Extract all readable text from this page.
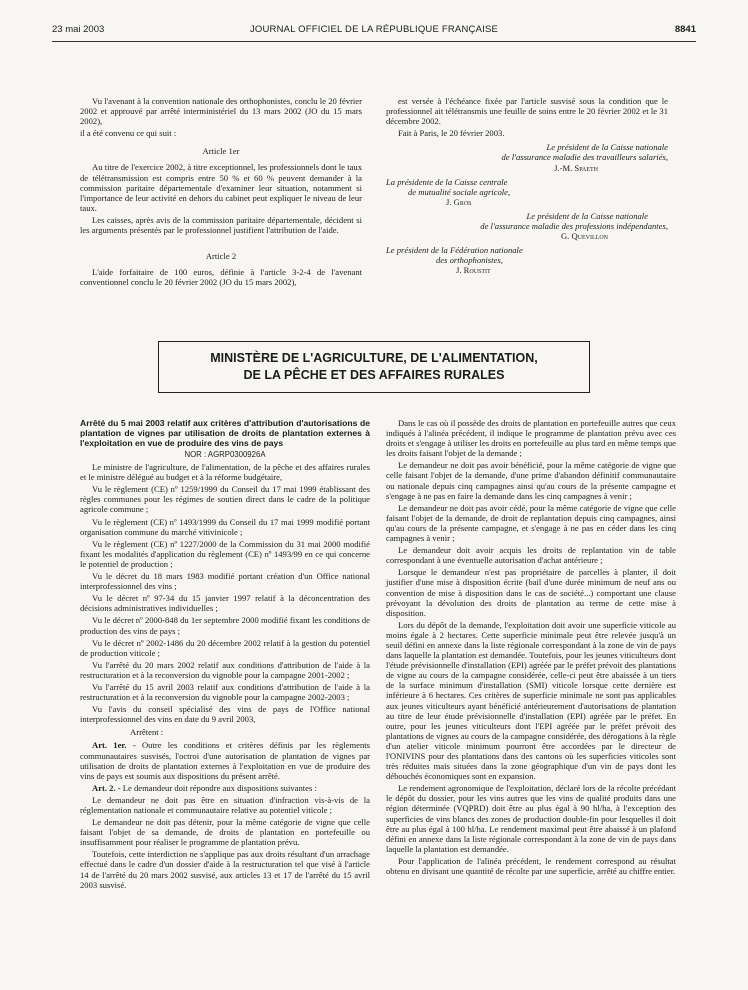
23 mai 2003	JOURNAL OFFICIEL DE LA RÉPUBLIQUE FRANÇAISE	8841

Vu l'avenant à la convention nationale des orthophonistes, conclu le 20 février 2002 et approuvé par arrêté interministériel du 13 mars 2002 (JO du 15 mars 2002),

il a été convenu ce qui suit :

Article 1er

Au titre de l'exercice 2002, à titre exceptionnel, les professionnels dont le taux de télétransmission est compris entre 50 % et 60 % peuvent demander à la commission paritaire départementale d'examiner leur situation, notamment si l'importance de leur activité en dehors du cabinet peut expliquer le niveau de leur taux.

Les caisses, après avis de la commission paritaire départementale, décident si les arguments présentés par le professionnel justifient l'attribution de l'aide.

Article 2

L'aide forfaitaire de 100 euros, définie à l'article 3-2-4 de l'avenant conventionnel conclu le 20 février 2002 (JO du 15 mars 2002),

est versée à l'échéance fixée par l'article susvisé sous la condition que le professionnel ait télétransmis une feuille de soins entre le 20 février 2002 et le 31 décembre 2002.

Fait à Paris, le 20 février 2003.

Le président de la Caisse nationale
de l'assurance maladie des travailleurs salariés,
J.-M. Spaeth
La présidente de la Caisse centrale
de mutualité sociale agricole,
J. Gros
Le président de la Caisse nationale
de l'assurance maladie des professions indépendantes,
G. Quevillon
Le président de la Fédération nationale
des orthophonistes,
J. Roustit
MINISTÈRE DE L'AGRICULTURE, DE L'ALIMENTATION,
DE LA PÊCHE ET DES AFFAIRES RURALES

Arrêté du 5 mai 2003 relatif aux critères d'attribution d'autorisations de plantation de vignes par utilisation de droits de plantation externes à l'exploitation en vue de produire des vins de pays

NOR : AGRP0300926A

Le ministre de l'agriculture, de l'alimentation, de la pêche et des affaires rurales et le ministre délégué au budget et à la réforme budgétaire,

Vu le règlement (CE) nº 1259/1999 du Conseil du 17 mai 1999 établissant des règles communes pour les régimes de soutien direct dans le cadre de la politique agricole commune ;

Vu le règlement (CE) nº 1493/1999 du Conseil du 17 mai 1999 modifié portant organisation commune du marché vitivinicole ;

Vu le règlement (CE) nº 1227/2000 de la Commission du 31 mai 2000 modifié fixant les modalités d'application du règlement (CE) nº 1493/99 en ce qui concerne le potentiel de production ;

Vu le décret du 18 mars 1983 modifié portant création d'un Office national interprofessionnel des vins ;

Vu le décret nº 97-34 du 15 janvier 1997 relatif à la déconcentration des décisions administratives individuelles ;

Vu le décret nº 2000-848 du 1er septembre 2000 modifié fixant les conditions de production des vins de pays ;

Vu le décret nº 2002-1486 du 20 décembre 2002 relatif à la gestion du potentiel de production viticole ;

Vu l'arrêté du 20 mars 2002 relatif aux conditions d'attribution de l'aide à la restructuration et à la reconversion du vignoble pour la campagne 2001-2002 ;

Vu l'arrêté du 15 avril 2003 relatif aux conditions d'attribution de l'aide à la restructuration et à la reconversion du vignoble pour la campagne 2002-2003 ;

Vu l'avis du conseil spécialisé des vins de pays de l'Office national interprofessionnel des vins en date du 9 avril 2003,

Arrêtent :

Art. 1er. - Outre les conditions et critères définis par les règlements communautaires susvisés, l'octroi d'une autorisation de plantation de vignes par utilisation de droits de plantation externes à l'exploitation en vue de produire des vins de pays est soumis aux dispositions du présent arrêté.

Art. 2. - Le demandeur doit répondre aux dispositions suivantes :

Le demandeur ne doit pas être en situation d'infraction vis-à-vis de la réglementation nationale et communautaire relative au potentiel viticole ;

Le demandeur ne doit pas détenir, pour la même catégorie de vigne que celle faisant l'objet de sa demande, de droits de plantation en portefeuille ou insuffisamment pour réaliser le programme de plantation prévu.

Toutefois, cette interdiction ne s'applique pas aux droits résultant d'un arrachage effectué dans le cadre d'un dossier d'aide à la restructuration tel que visé à l'article 14 de l'arrêté du 20 mars 2002 susvisé, aux articles 13 et 17 de l'arrêté du 15 avril 2003 susvisé.

Dans le cas où il possède des droits de plantation en portefeuille autres que ceux indiqués à l'alinéa précédent, il indique le programme de plantation prévu avec ces droits et s'engage à utiliser les droits en portefeuille au plus tard en même temps que les droits faisant l'objet de la demande ;

Le demandeur ne doit pas avoir bénéficié, pour la même catégorie de vigne que celle faisant l'objet de la demande, d'une prime d'abandon définitif communautaire ou nationale depuis cinq campagnes ainsi qu'au cours de la présente campagne et s'engage à ne pas en faire la demande dans les cinq campagnes à venir ;

Le demandeur ne doit pas avoir cédé, pour la même catégorie de vigne que celle faisant l'objet de la demande, de droit de replantation depuis cinq campagnes, ainsi qu'au cours de la présente campagne, et s'engage à ne pas en céder dans les cinq campagnes à venir ;

Le demandeur doit avoir acquis les droits de replantation vin de table correspondant à une éventuelle autorisation d'achat antérieure ;

Lorsque le demandeur n'est pas propriétaire de parcelles à planter, il doit justifier d'une mise à disposition écrite (bail d'une durée minimum de neuf ans ou convention de mise à disposition dans le cas de société...) comportant une clause prévoyant la dévolution des droits de plantation au terme de cette mise à disposition.

Lors du dépôt de la demande, l'exploitation doit avoir une superficie viticole au moins égale à 2 hectares. Cette superficie minimale peut être relevée jusqu'à un seuil défini en annexe dans la liste régionale correspondant à la zone de vin de pays dans laquelle la plantation est demandée. Toutefois, pour les jeunes viticulteurs dont l'étude prévisionnelle d'installation (EPI) agréée par le préfet prévoit des plantations de vigne au cours de la campagne considérée, celle-ci peut être abaissée à un tiers de la surface minimum d'installation (SMI) viticole lorsque cette dernière est inférieure à 6 hectares. Ces critères de superficie minimale ne sont pas applicables aux jeunes viticulteurs ayant bénéficié antérieurement d'autorisations de plantation au titre de leur étude prévisionnelle d'installation (EPI) agréée par le préfet. En outre, pour les jeunes viticulteurs dont l'EPI agréée par le préfet prévoit des plantations de vignes au cours de la campagne considérée, des dérogations à la règle d'un atelier viticole minimum pourront être accordées par le directeur de l'ONIVINS pour des plantations dans des cantons où les superficies viticoles sont très réduites mais situées dans la zone géographique d'un vin de pays dont les débouchés économiques sont en expansion.

Le rendement agronomique de l'exploitation, déclaré lors de la récolte précédant le dépôt du dossier, pour les vins autres que les vins de qualité produits dans une région déterminée (VQPRD) doit être au plus égal à 90 hl/ha, à l'exception des superficies de vins blancs des zones de production double-fin pour lesquelles il doit être au plus égal à 100 hl/ha. Le rendement maximal peut être abaissé à un plafond défini en annexe dans la liste régionale correspondant à la zone de vin de pays dans laquelle la plantation est demandée.

Pour l'application de l'alinéa précédent, le rendement correspond au résultat obtenu en divisant une quantité de récolte par une superficie, arrêté au chiffre entier.
